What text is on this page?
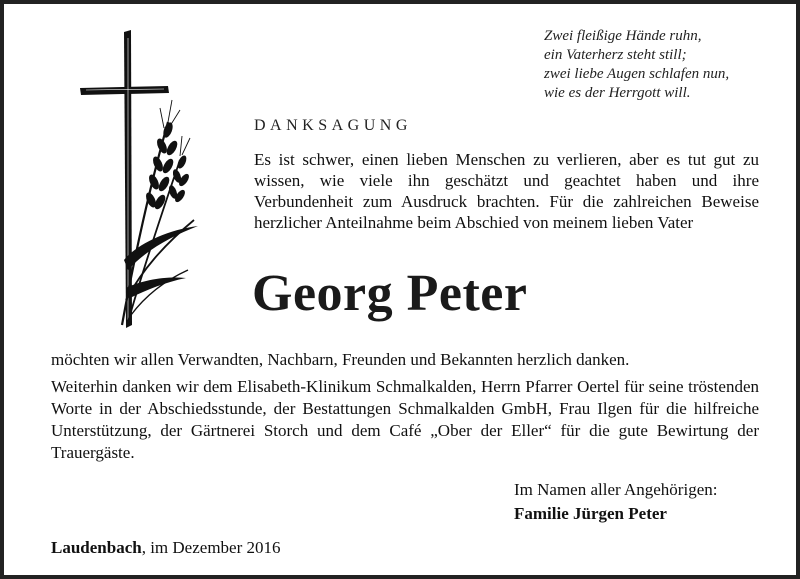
Zwei fleißige Hände ruhn,
ein Vaterherz steht still;
zwei liebe Augen schlafen nun,
wie es der Herrgott will.
DANKSAGUNG
Es ist schwer, einen lieben Menschen zu verlieren, aber es tut gut zu wissen, wie viele ihn geschätzt und geachtet haben und ihre Verbundenheit zum Ausdruck brachten. Für die zahlreichen Beweise herzlicher Anteilnahme beim Abschied von meinem lieben Vater
Georg Peter
möchten wir allen Verwandten, Nachbarn, Freunden und Bekannten herzlich danken.
Weiterhin danken wir dem Elisabeth-Klinikum Schmalkalden, Herrn Pfarrer Oertel für seine tröstenden Worte in der Abschiedsstunde, der Bestattungen Schmalkalden GmbH, Frau Ilgen für die hilfreiche Unterstützung, der Gärtnerei Storch und dem Café „Ober der Eller“ für die gute Bewirtung der Trauergäste.
Im Namen aller Angehörigen:
Familie Jürgen Peter
Laudenbach, im Dezember 2016
